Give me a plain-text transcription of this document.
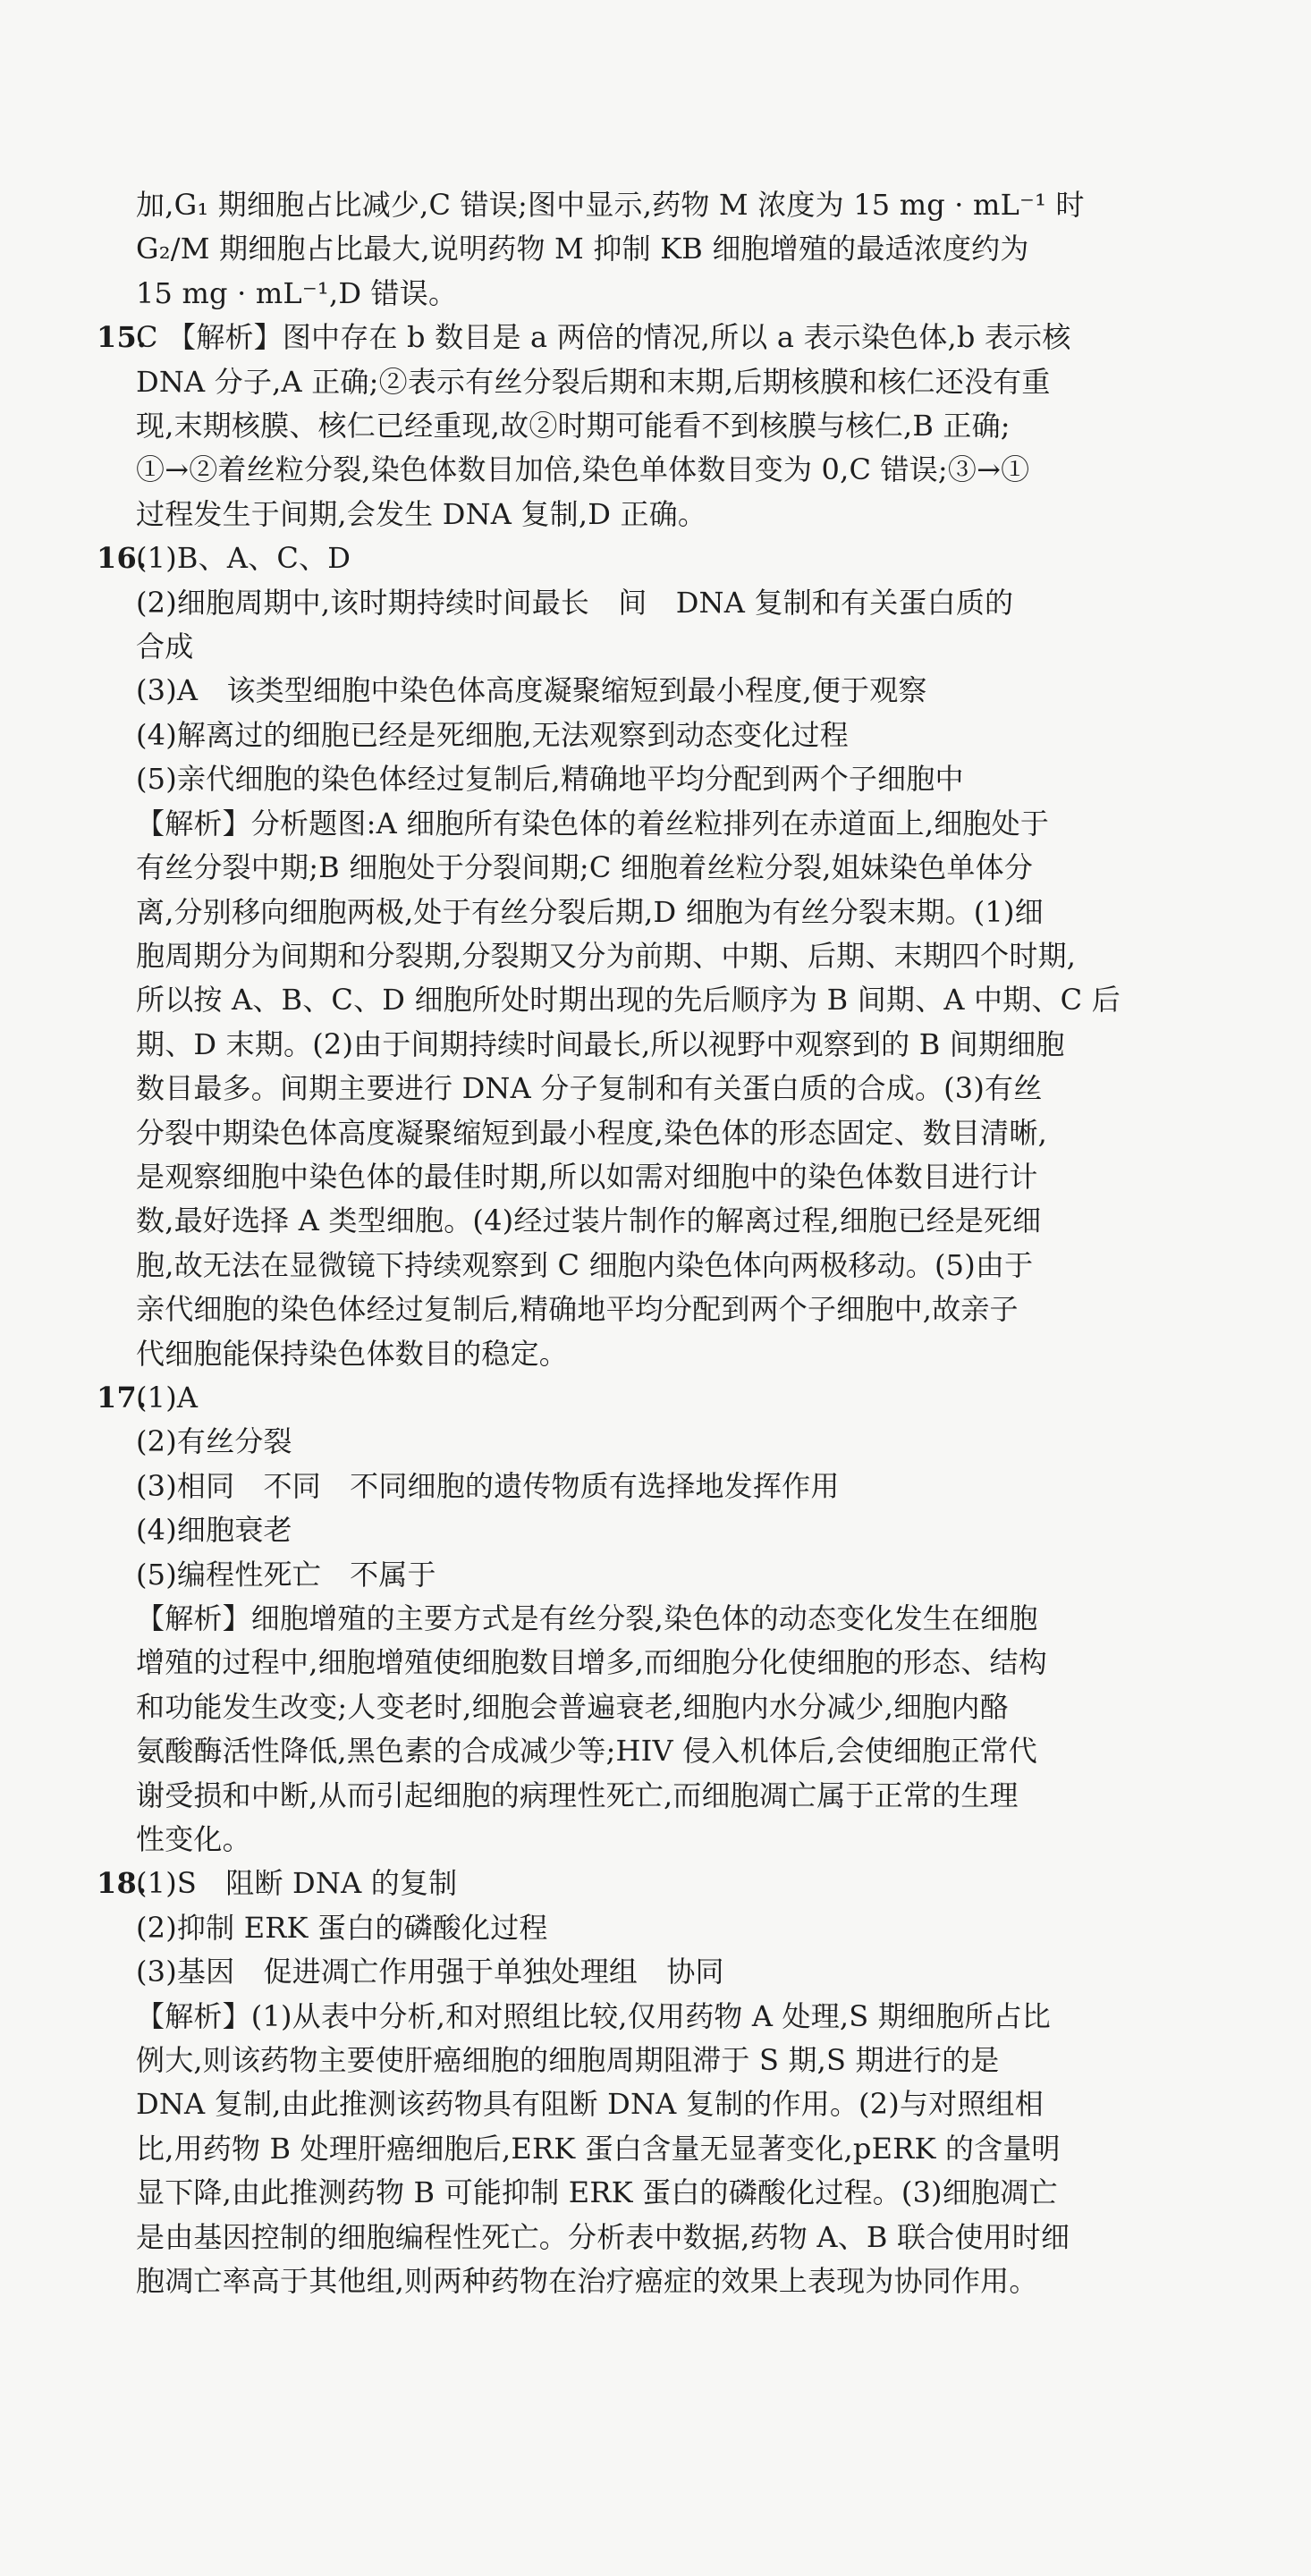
加,G₁ 期细胞占比减少,C 错误;图中显示,药物 M 浓度为 15 mg · mL⁻¹ 时
G₂/M 期细胞占比最大,说明药物 M 抑制 KB 细胞增殖的最适浓度约为
15 mg · mL⁻¹,D 错误。
15.C 【解析】图中存在 b 数目是 a 两倍的情况,所以 a 表示染色体,b 表示核
DNA 分子,A 正确;②表示有丝分裂后期和末期,后期核膜和核仁还没有重
现,末期核膜、核仁已经重现,故②时期可能看不到核膜与核仁,B 正确;
①→②着丝粒分裂,染色体数目加倍,染色单体数目变为 0,C 错误;③→①
过程发生于间期,会发生 DNA 复制,D 正确。
16.(1)B、A、C、D
(2)细胞周期中,该时期持续时间最长　间　DNA 复制和有关蛋白质的
合成
(3)A　该类型细胞中染色体高度凝聚缩短到最小程度,便于观察
(4)解离过的细胞已经是死细胞,无法观察到动态变化过程
(5)亲代细胞的染色体经过复制后,精确地平均分配到两个子细胞中
【解析】分析题图:A 细胞所有染色体的着丝粒排列在赤道面上,细胞处于
有丝分裂中期;B 细胞处于分裂间期;C 细胞着丝粒分裂,姐妹染色单体分
离,分别移向细胞两极,处于有丝分裂后期,D 细胞为有丝分裂末期。(1)细
胞周期分为间期和分裂期,分裂期又分为前期、中期、后期、末期四个时期,
所以按 A、B、C、D 细胞所处时期出现的先后顺序为 B 间期、A 中期、C 后
期、D 末期。(2)由于间期持续时间最长,所以视野中观察到的 B 间期细胞
数目最多。间期主要进行 DNA 分子复制和有关蛋白质的合成。(3)有丝
分裂中期染色体高度凝聚缩短到最小程度,染色体的形态固定、数目清晰,
是观察细胞中染色体的最佳时期,所以如需对细胞中的染色体数目进行计
数,最好选择 A 类型细胞。(4)经过装片制作的解离过程,细胞已经是死细
胞,故无法在显微镜下持续观察到 C 细胞内染色体向两极移动。(5)由于
亲代细胞的染色体经过复制后,精确地平均分配到两个子细胞中,故亲子
代细胞能保持染色体数目的稳定。
17.(1)A
(2)有丝分裂
(3)相同　不同　不同细胞的遗传物质有选择地发挥作用
(4)细胞衰老
(5)编程性死亡　不属于
【解析】细胞增殖的主要方式是有丝分裂,染色体的动态变化发生在细胞
增殖的过程中,细胞增殖使细胞数目增多,而细胞分化使细胞的形态、结构
和功能发生改变;人变老时,细胞会普遍衰老,细胞内水分减少,细胞内酪
氨酸酶活性降低,黑色素的合成减少等;HIV 侵入机体后,会使细胞正常代
谢受损和中断,从而引起细胞的病理性死亡,而细胞凋亡属于正常的生理
性变化。
18.(1)S　阻断 DNA 的复制
(2)抑制 ERK 蛋白的磷酸化过程
(3)基因　促进凋亡作用强于单独处理组　协同
【解析】(1)从表中分析,和对照组比较,仅用药物 A 处理,S 期细胞所占比
例大,则该药物主要使肝癌细胞的细胞周期阻滞于 S 期,S 期进行的是
DNA 复制,由此推测该药物具有阻断 DNA 复制的作用。(2)与对照组相
比,用药物 B 处理肝癌细胞后,ERK 蛋白含量无显著变化,pERK 的含量明
显下降,由此推测药物 B 可能抑制 ERK 蛋白的磷酸化过程。(3)细胞凋亡
是由基因控制的细胞编程性死亡。分析表中数据,药物 A、B 联合使用时细
胞凋亡率高于其他组,则两种药物在治疗癌症的效果上表现为协同作用。
